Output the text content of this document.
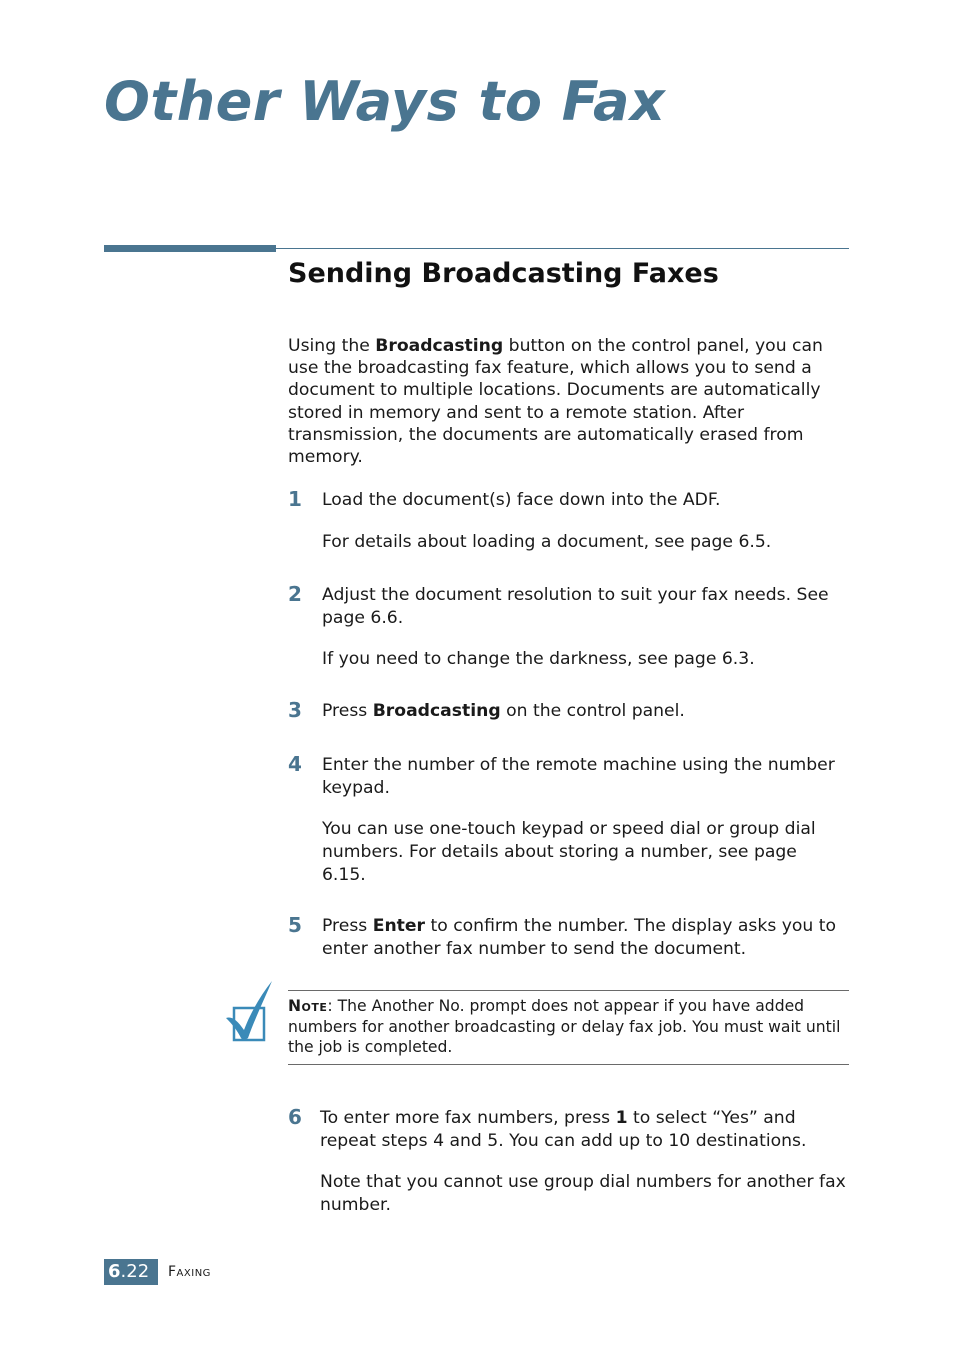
Other Ways to Fax
Sending Broadcasting Faxes

Using the Broadcasting button on the control panel, you can use the broadcasting fax feature, which allows you to send a document to multiple locations. Documents are automatically stored in memory and sent to a remote station. After transmission, the documents are automatically erased from memory.

1 Load the document(s) face down into the ADF.

For details about loading a document, see page 6.5.

2 Adjust the document resolution to suit your fax needs. See page 6.6.

If you need to change the darkness, see page 6.3.

3 Press Broadcasting on the control panel.

4 Enter the number of the remote machine using the number keypad.

You can use one-touch keypad or speed dial or group dial numbers. For details about storing a number, see page 6.15.

5 Press Enter to confirm the number. The display asks you to enter another fax number to send the document.

Note: The Another No. prompt does not appear if you have added numbers for another broadcasting or delay fax job. You must wait until the job is completed.

6 To enter more fax numbers, press 1 to select “Yes” and repeat steps 4 and 5. You can add up to 10 destinations.

Note that you cannot use group dial numbers for another fax number.

6.22	Faxing
